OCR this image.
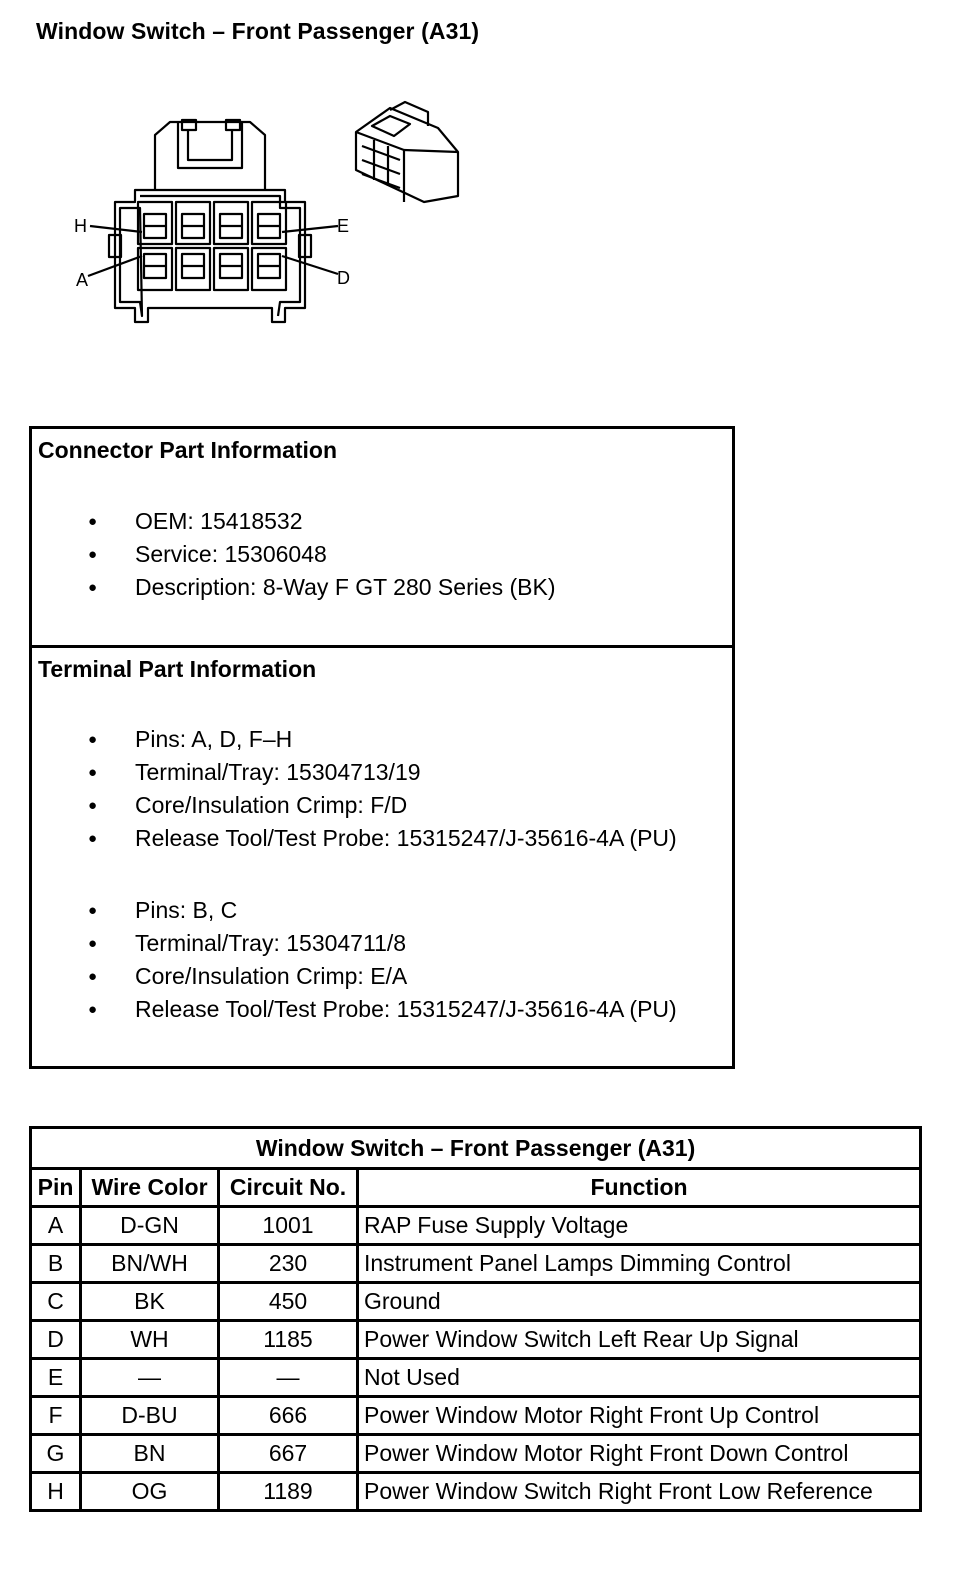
Window Switch – Front Passenger (A31)
H
A
E
D
Connector Part Information
● OEM: 15418532
● Service: 15306048
● Description: 8-Way F GT 280 Series (BK)
Terminal Part Information
● Pins: A, D, F–H
● Terminal/Tray: 15304713/19
● Core/Insulation Crimp: F/D
● Release Tool/Test Probe: 15315247/J-35616-4A (PU)
● Pins: B, C
● Terminal/Tray: 15304711/8
● Core/Insulation Crimp: E/A
● Release Tool/Test Probe: 15315247/J-35616-4A (PU)
Window Switch – Front Passenger (A31)			
Pin	Wire Color	Circuit No.	Function
A	D-GN	1001	RAP Fuse Supply Voltage
B	BN/WH	230	Instrument Panel Lamps Dimming Control
C	BK	450	Ground
D	WH	1185	Power Window Switch Left Rear Up Signal
E	—	—	Not Used
F	D-BU	666	Power Window Motor Right Front Up Control
G	BN	667	Power Window Motor Right Front Down Control
H	OG	1189	Power Window Switch Right Front Low Reference
